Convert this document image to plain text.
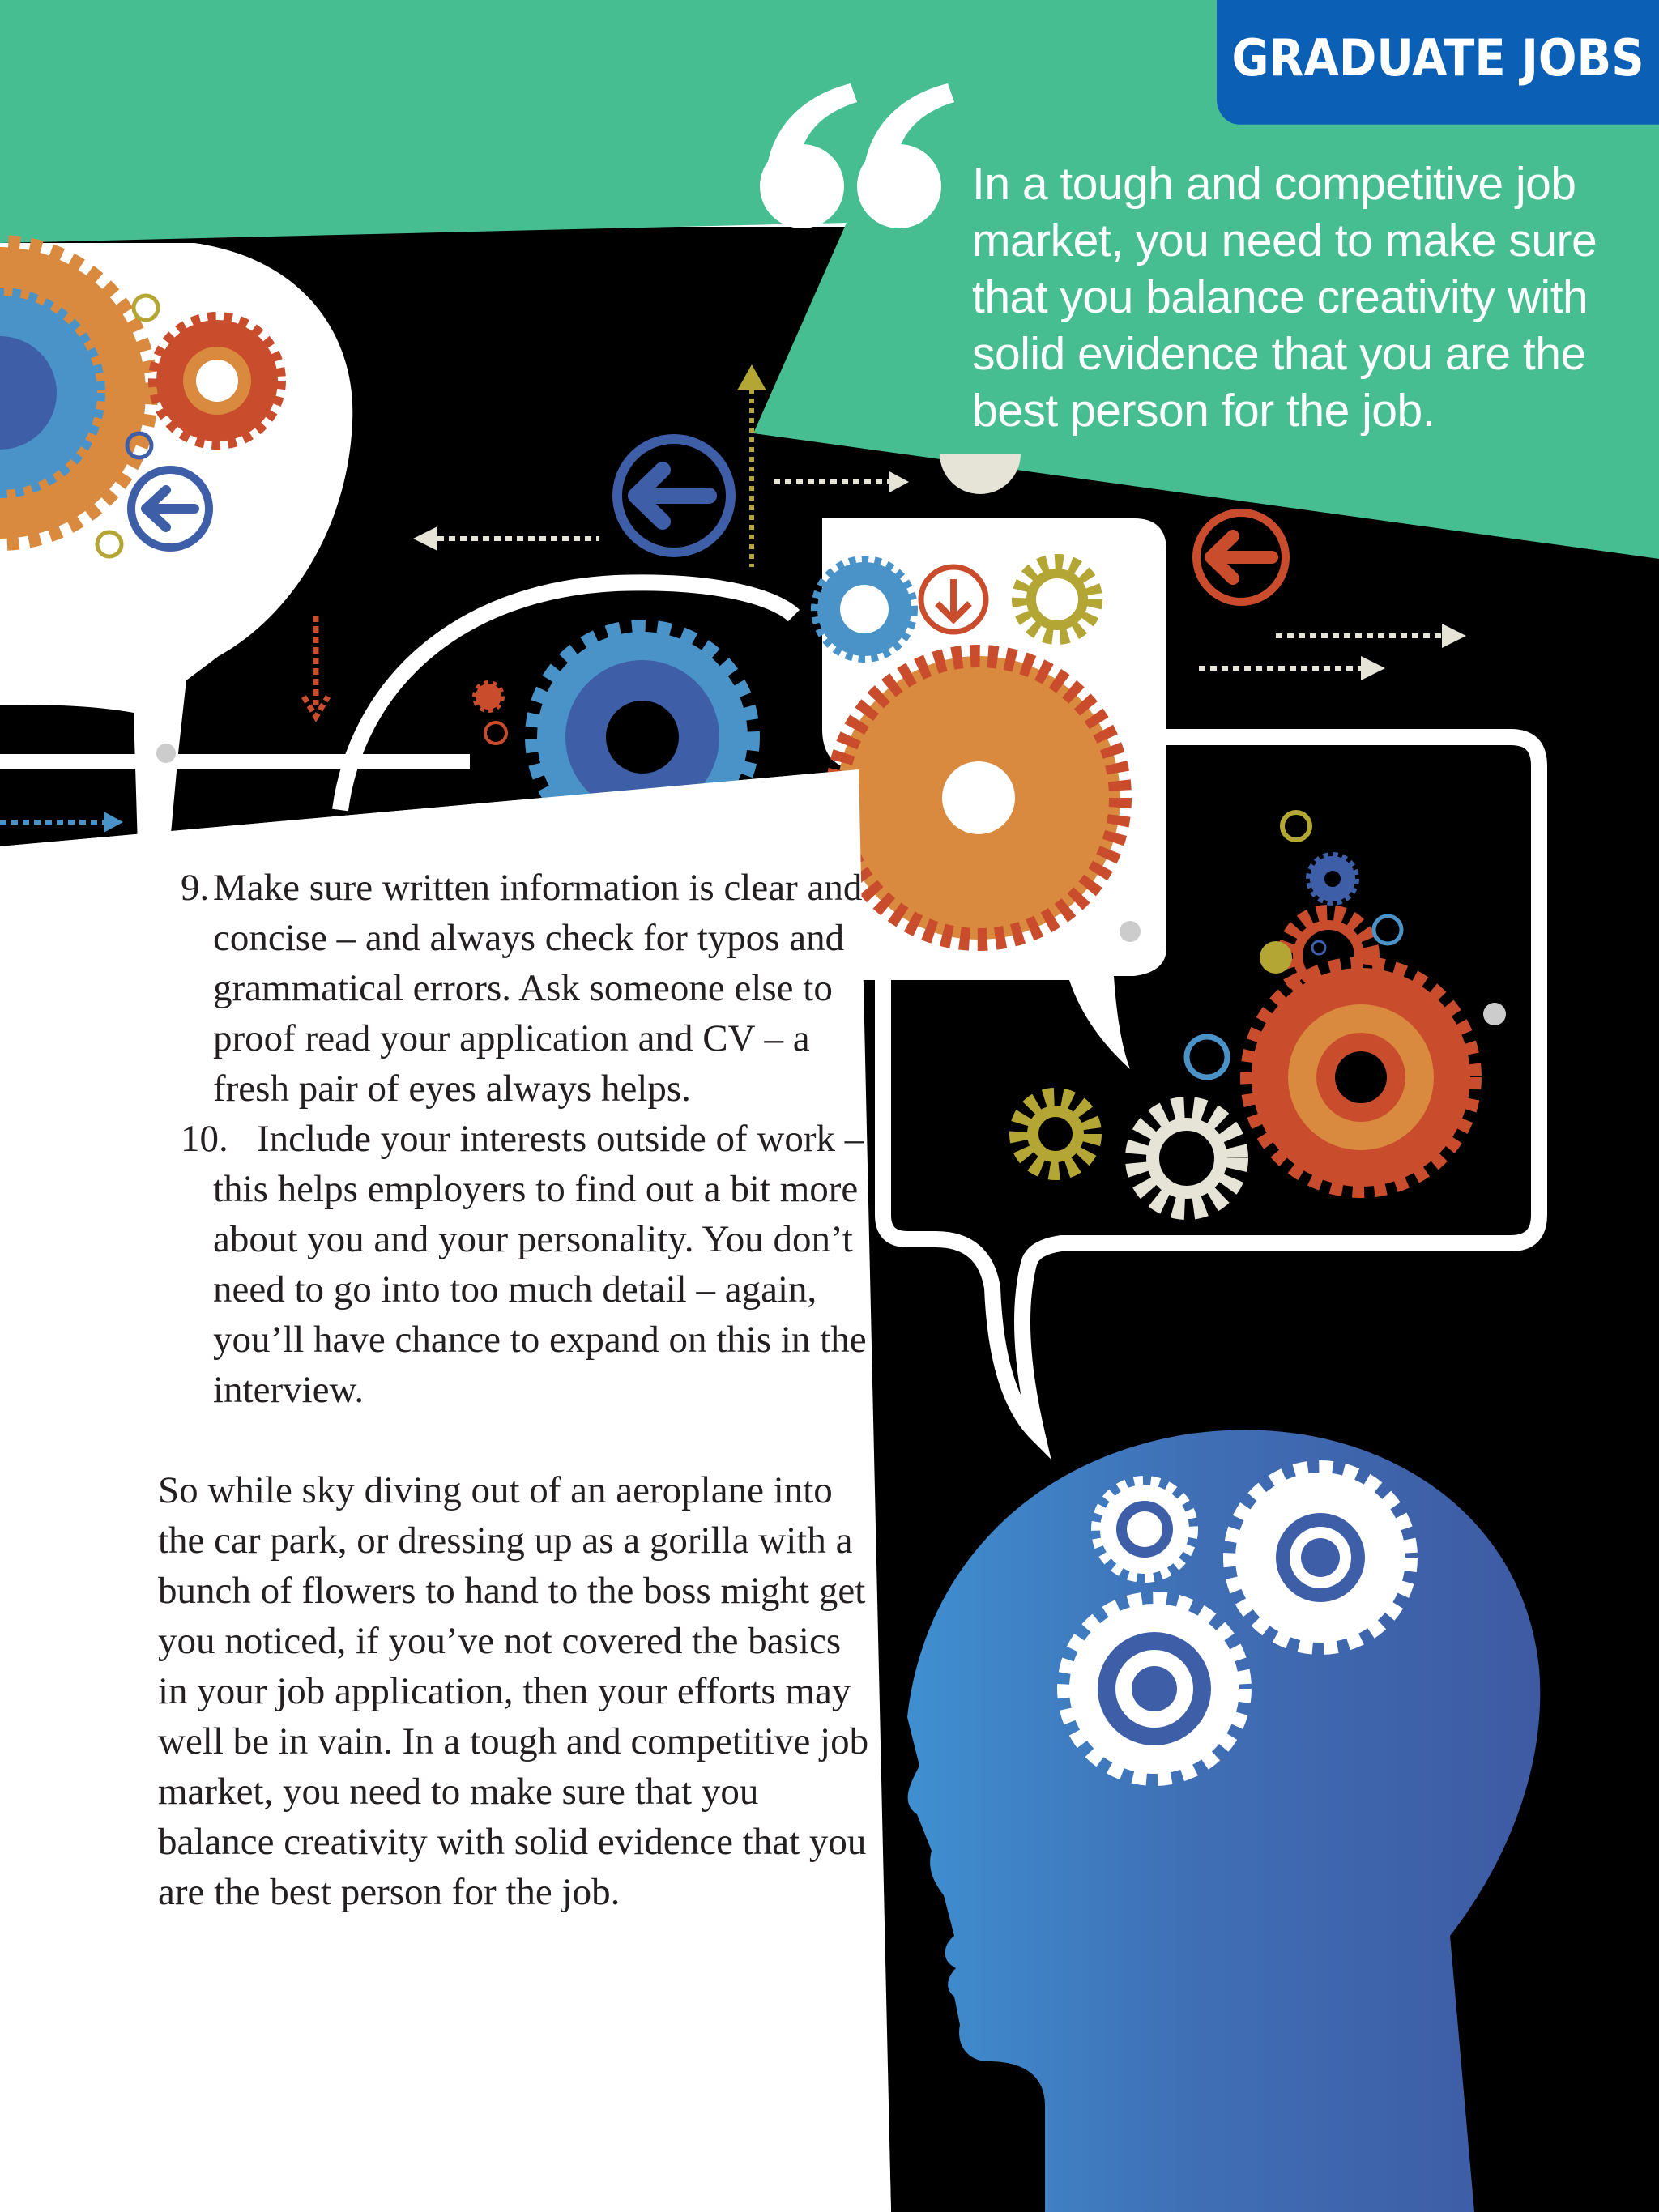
GRADUATE JOBS
In a tough and competitive job market, you need to make sure that you balance creativity with solid evidence that you are the best person for the job.
9. Make sure written information is clear and concise – and always check for typos and grammatical errors. Ask someone else to proof read your application and CV – a fresh pair of eyes always helps.
10. Include your interests outside of work – this helps employers to find out a bit more about you and your personality. You don’t need to go into too much detail – again, you’ll have chance to expand on this in the interview.
So while sky diving out of an aeroplane into the car park, or dressing up as a gorilla with a bunch of flowers to hand to the boss might get you noticed, if you’ve not covered the basics in your job application, then your efforts may well be in vain. In a tough and competitive job market, you need to make sure that you balance creativity with solid evidence that you are the best person for the job.
